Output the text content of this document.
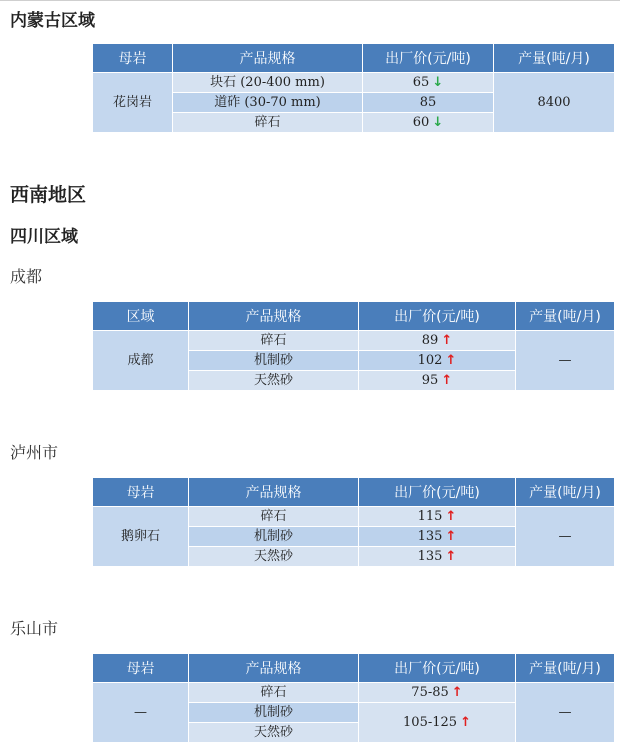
内蒙古区域
母岩	产品规格	出厂价(元/吨)	产量(吨/月)
花岗岩	块石 (20-400 mm)	65 ↓	8400
	道砟 (30-70 mm)	85	
	碎石	60 ↓	
西南地区
四川区域
成都
区域	产品规格	出厂价(元/吨)	产量(吨/月)
成都	碎石	89 ↑	—
	机制砂	102 ↑	
	天然砂	95 ↑	
泸州市
母岩	产品规格	出厂价(元/吨)	产量(吨/月)
鹅卵石	碎石	115 ↑	—
	机制砂	135 ↑	
	天然砂	135 ↑	
乐山市
母岩	产品规格	出厂价(元/吨)	产量(吨/月)
—	碎石	75-85 ↑	—
	机制砂	105-125 ↑	
	天然砂		
